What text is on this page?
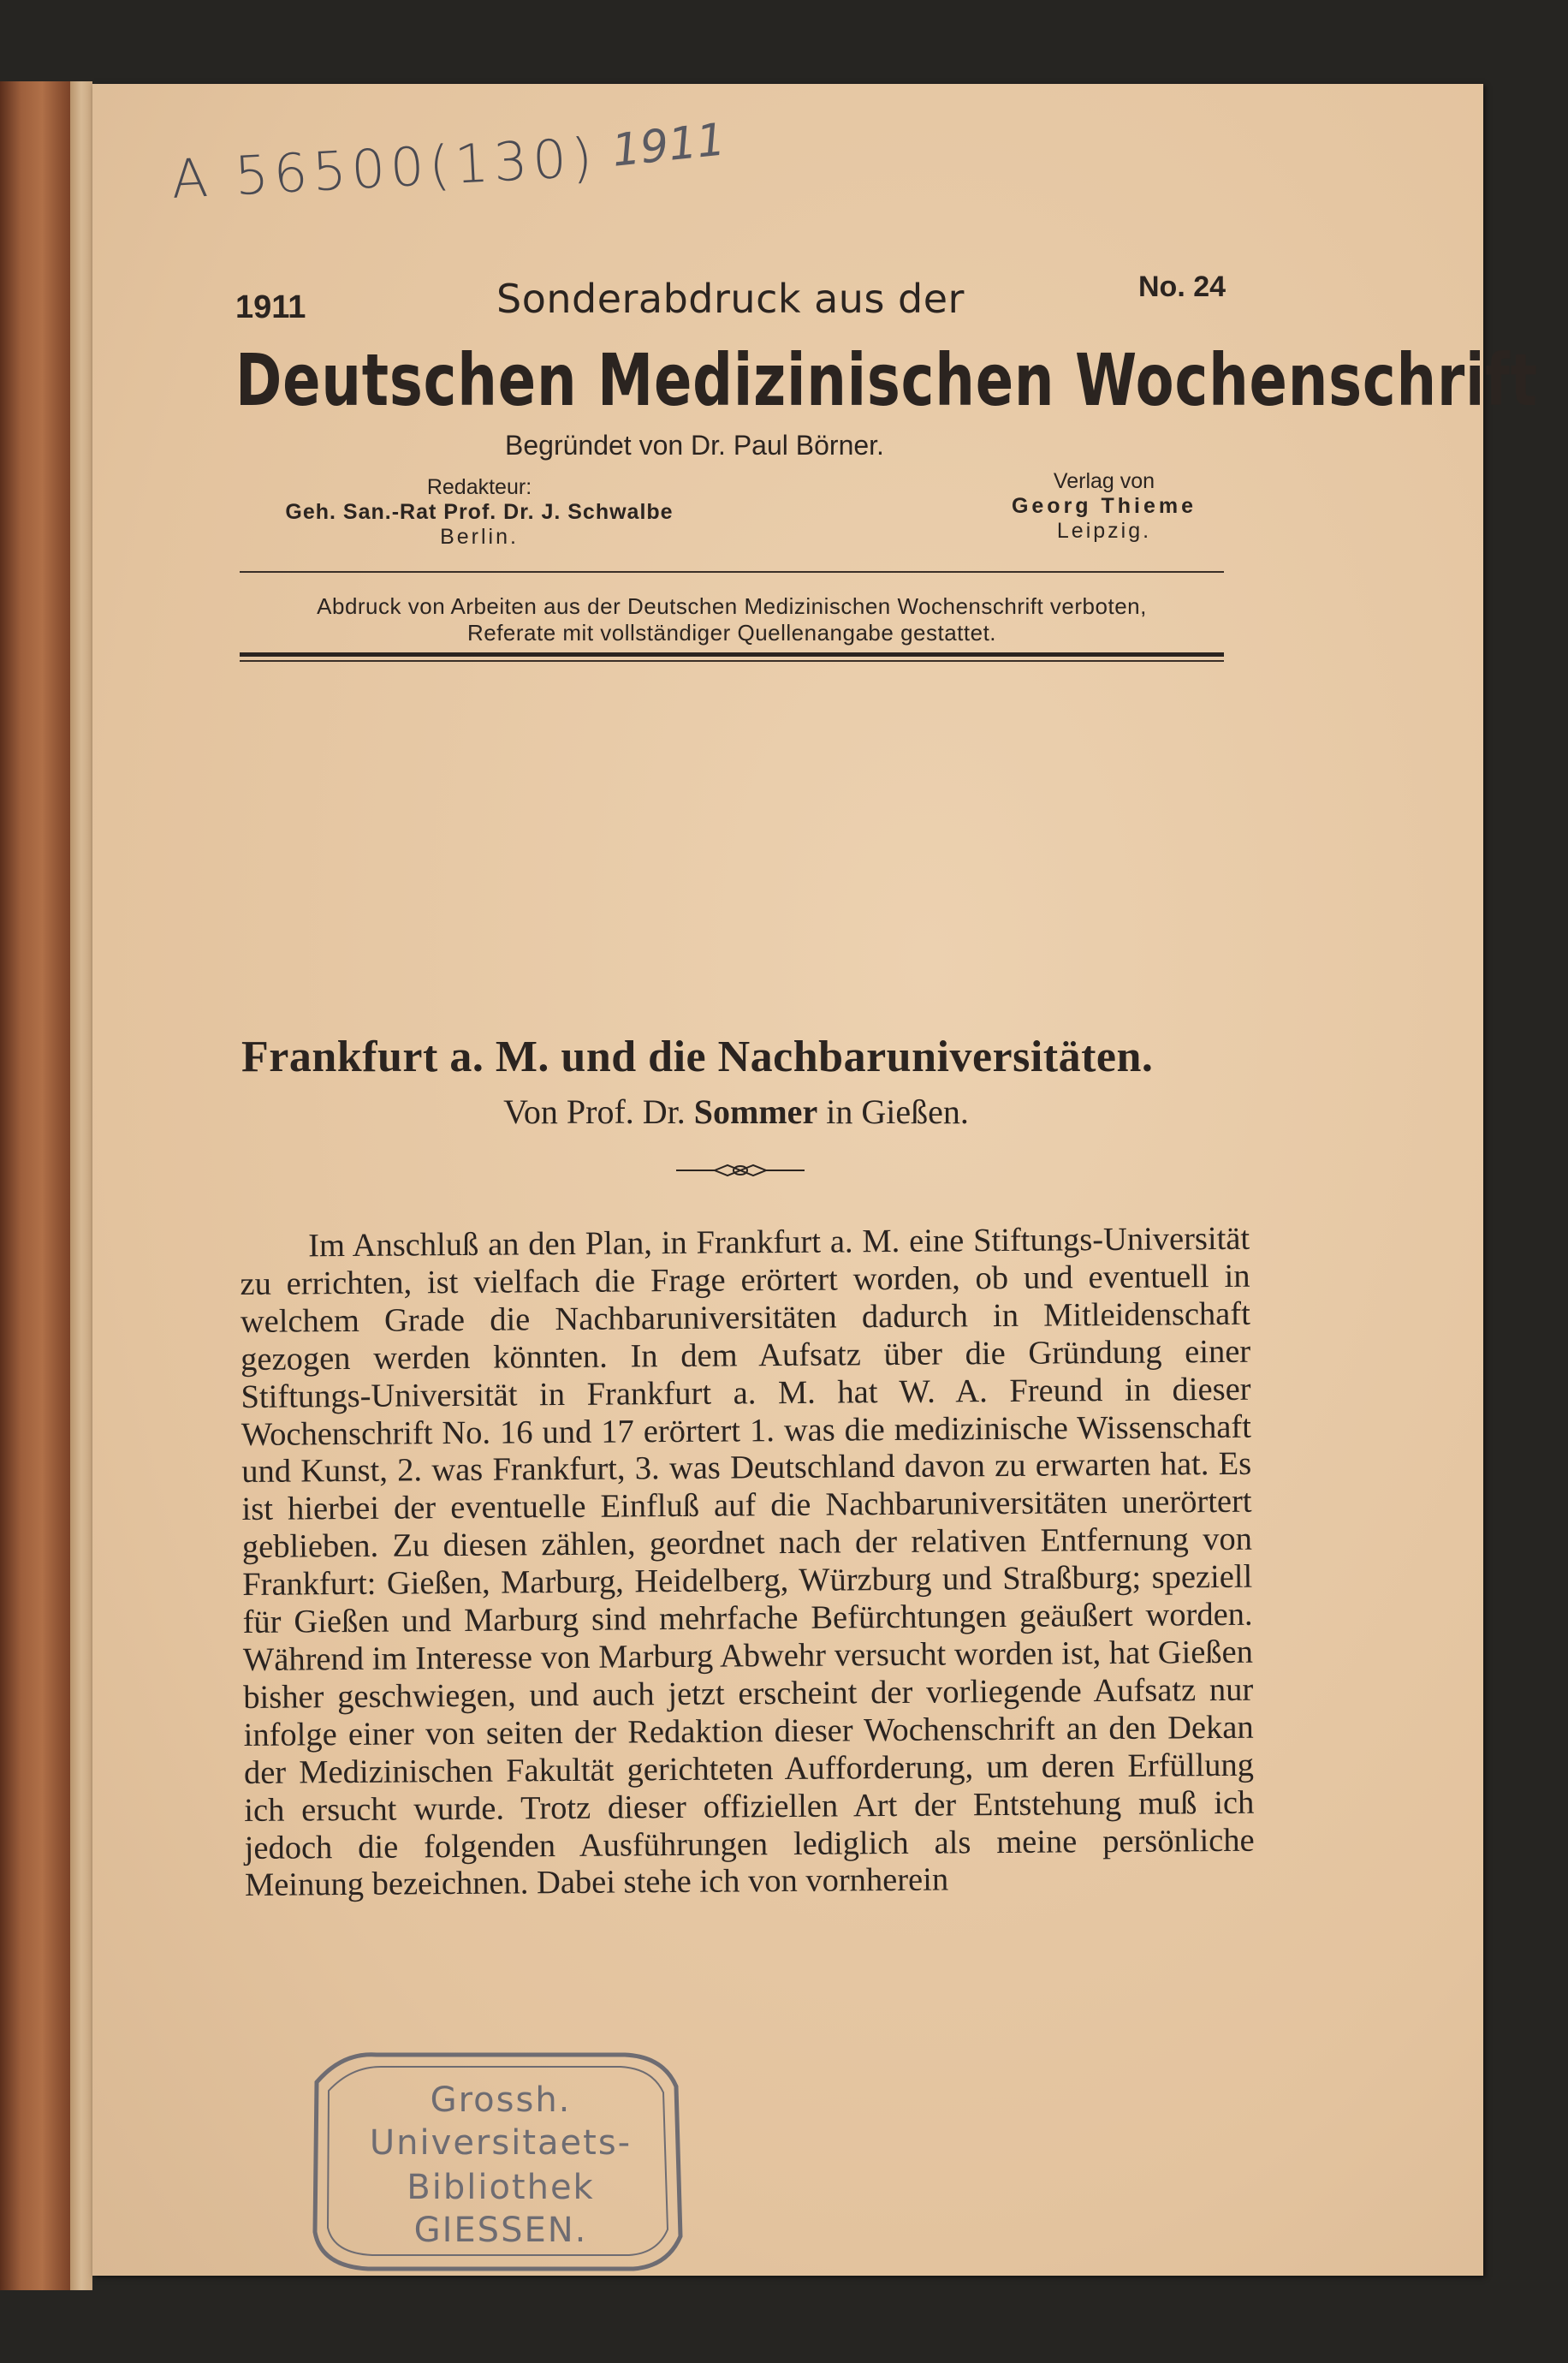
A 56500(130) 1911
1911	Sonderabdruck aus der	No. 24
Deutschen Medizinischen Wochenschrift
Begründet von Dr. Paul Börner.
Redakteur:
Geh. San.-Rat Prof. Dr. J. Schwalbe
Berlin.
Verlag von
Georg Thieme
Leipzig.
Abdruck von Arbeiten aus der Deutschen Medizinischen Wochenschrift verboten,
Referate mit vollständiger Quellenangabe gestattet.
Frankfurt a. M. und die Nachbaruniversitäten.
Von Prof. Dr. Sommer in Gießen.
Im Anschluß an den Plan, in Frankfurt a. M. eine Stiftungs-Universität zu errichten, ist vielfach die Frage erörtert worden, ob und eventuell in welchem Grade die Nachbaruniversitäten dadurch in Mitleidenschaft gezogen werden könnten. In dem Aufsatz über die Gründung einer Stiftungs-Universität in Frankfurt a. M. hat W. A. Freund in dieser Wochenschrift No. 16 und 17 erörtert 1. was die medizinische Wissenschaft und Kunst, 2. was Frankfurt, 3. was Deutschland davon zu erwarten hat. Es ist hierbei der eventuelle Einfluß auf die Nachbaruniversitäten unerörtert geblieben. Zu diesen zählen, geordnet nach der relativen Entfernung von Frankfurt: Gießen, Marburg, Heidelberg, Würzburg und Straßburg; speziell für Gießen und Marburg sind mehrfache Befürchtungen geäußert worden. Während im Interesse von Marburg Abwehr versucht worden ist, hat Gießen bisher geschwiegen, und auch jetzt erscheint der vorliegende Aufsatz nur infolge einer von seiten der Redaktion dieser Wochenschrift an den Dekan der Medizinischen Fakultät gerichteten Aufforderung, um deren Erfüllung ich ersucht wurde. Trotz dieser offiziellen Art der Entstehung muß ich jedoch die folgenden Ausführungen lediglich als meine persönliche Meinung bezeichnen. Dabei stehe ich von vornherein
Grossh.
Universitaets-
Bibliothek
GIESSEN.
